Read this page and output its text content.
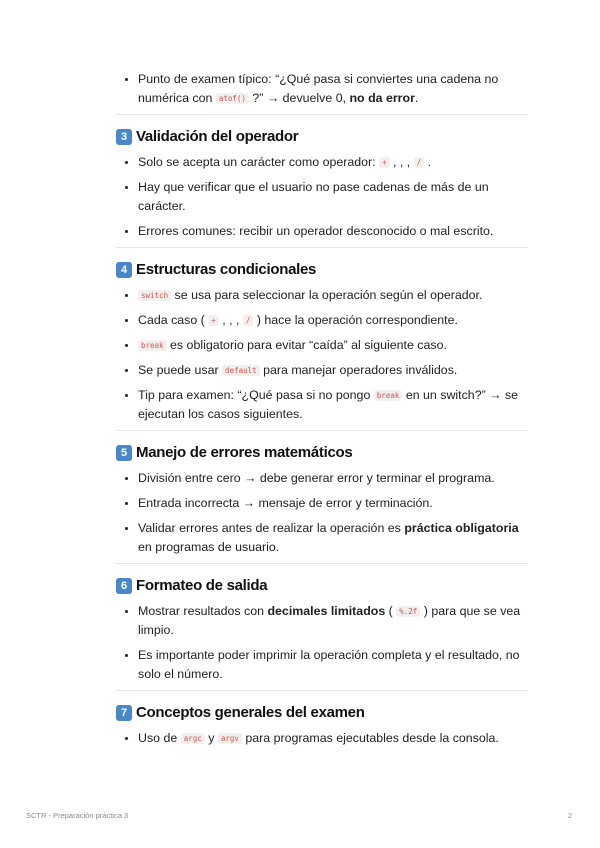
• Punto de examen típico: “¿Qué pasa si conviertes una cadena no numérica con atof() ?” → devuelve 0, no da error.
3 Validación del operador
• Solo se acepta un carácter como operador: + , , , / .
• Hay que verificar que el usuario no pase cadenas de más de un carácter.
• Errores comunes: recibir un operador desconocido o mal escrito.
4 Estructuras condicionales
• switch se usa para seleccionar la operación según el operador.
• Cada caso ( + , , , / ) hace la operación correspondiente.
• break es obligatorio para evitar “caída” al siguiente caso.
• Se puede usar default para manejar operadores inválidos.
• Tip para examen: “¿Qué pasa si no pongo break en un switch?” → se ejecutan los casos siguientes.
5 Manejo de errores matemáticos
• División entre cero → debe generar error y terminar el programa.
• Entrada incorrecta → mensaje de error y terminación.
• Validar errores antes de realizar la operación es práctica obligatoria en programas de usuario.
6 Formateo de salida
• Mostrar resultados con decimales limitados ( %.2f ) para que se vea limpio.
• Es importante poder imprimir la operación completa y el resultado, no solo el número.
7 Conceptos generales del examen
• Uso de argc y argv para programas ejecutables desde la consola.
SCTR - Preparación práctica 3	2
